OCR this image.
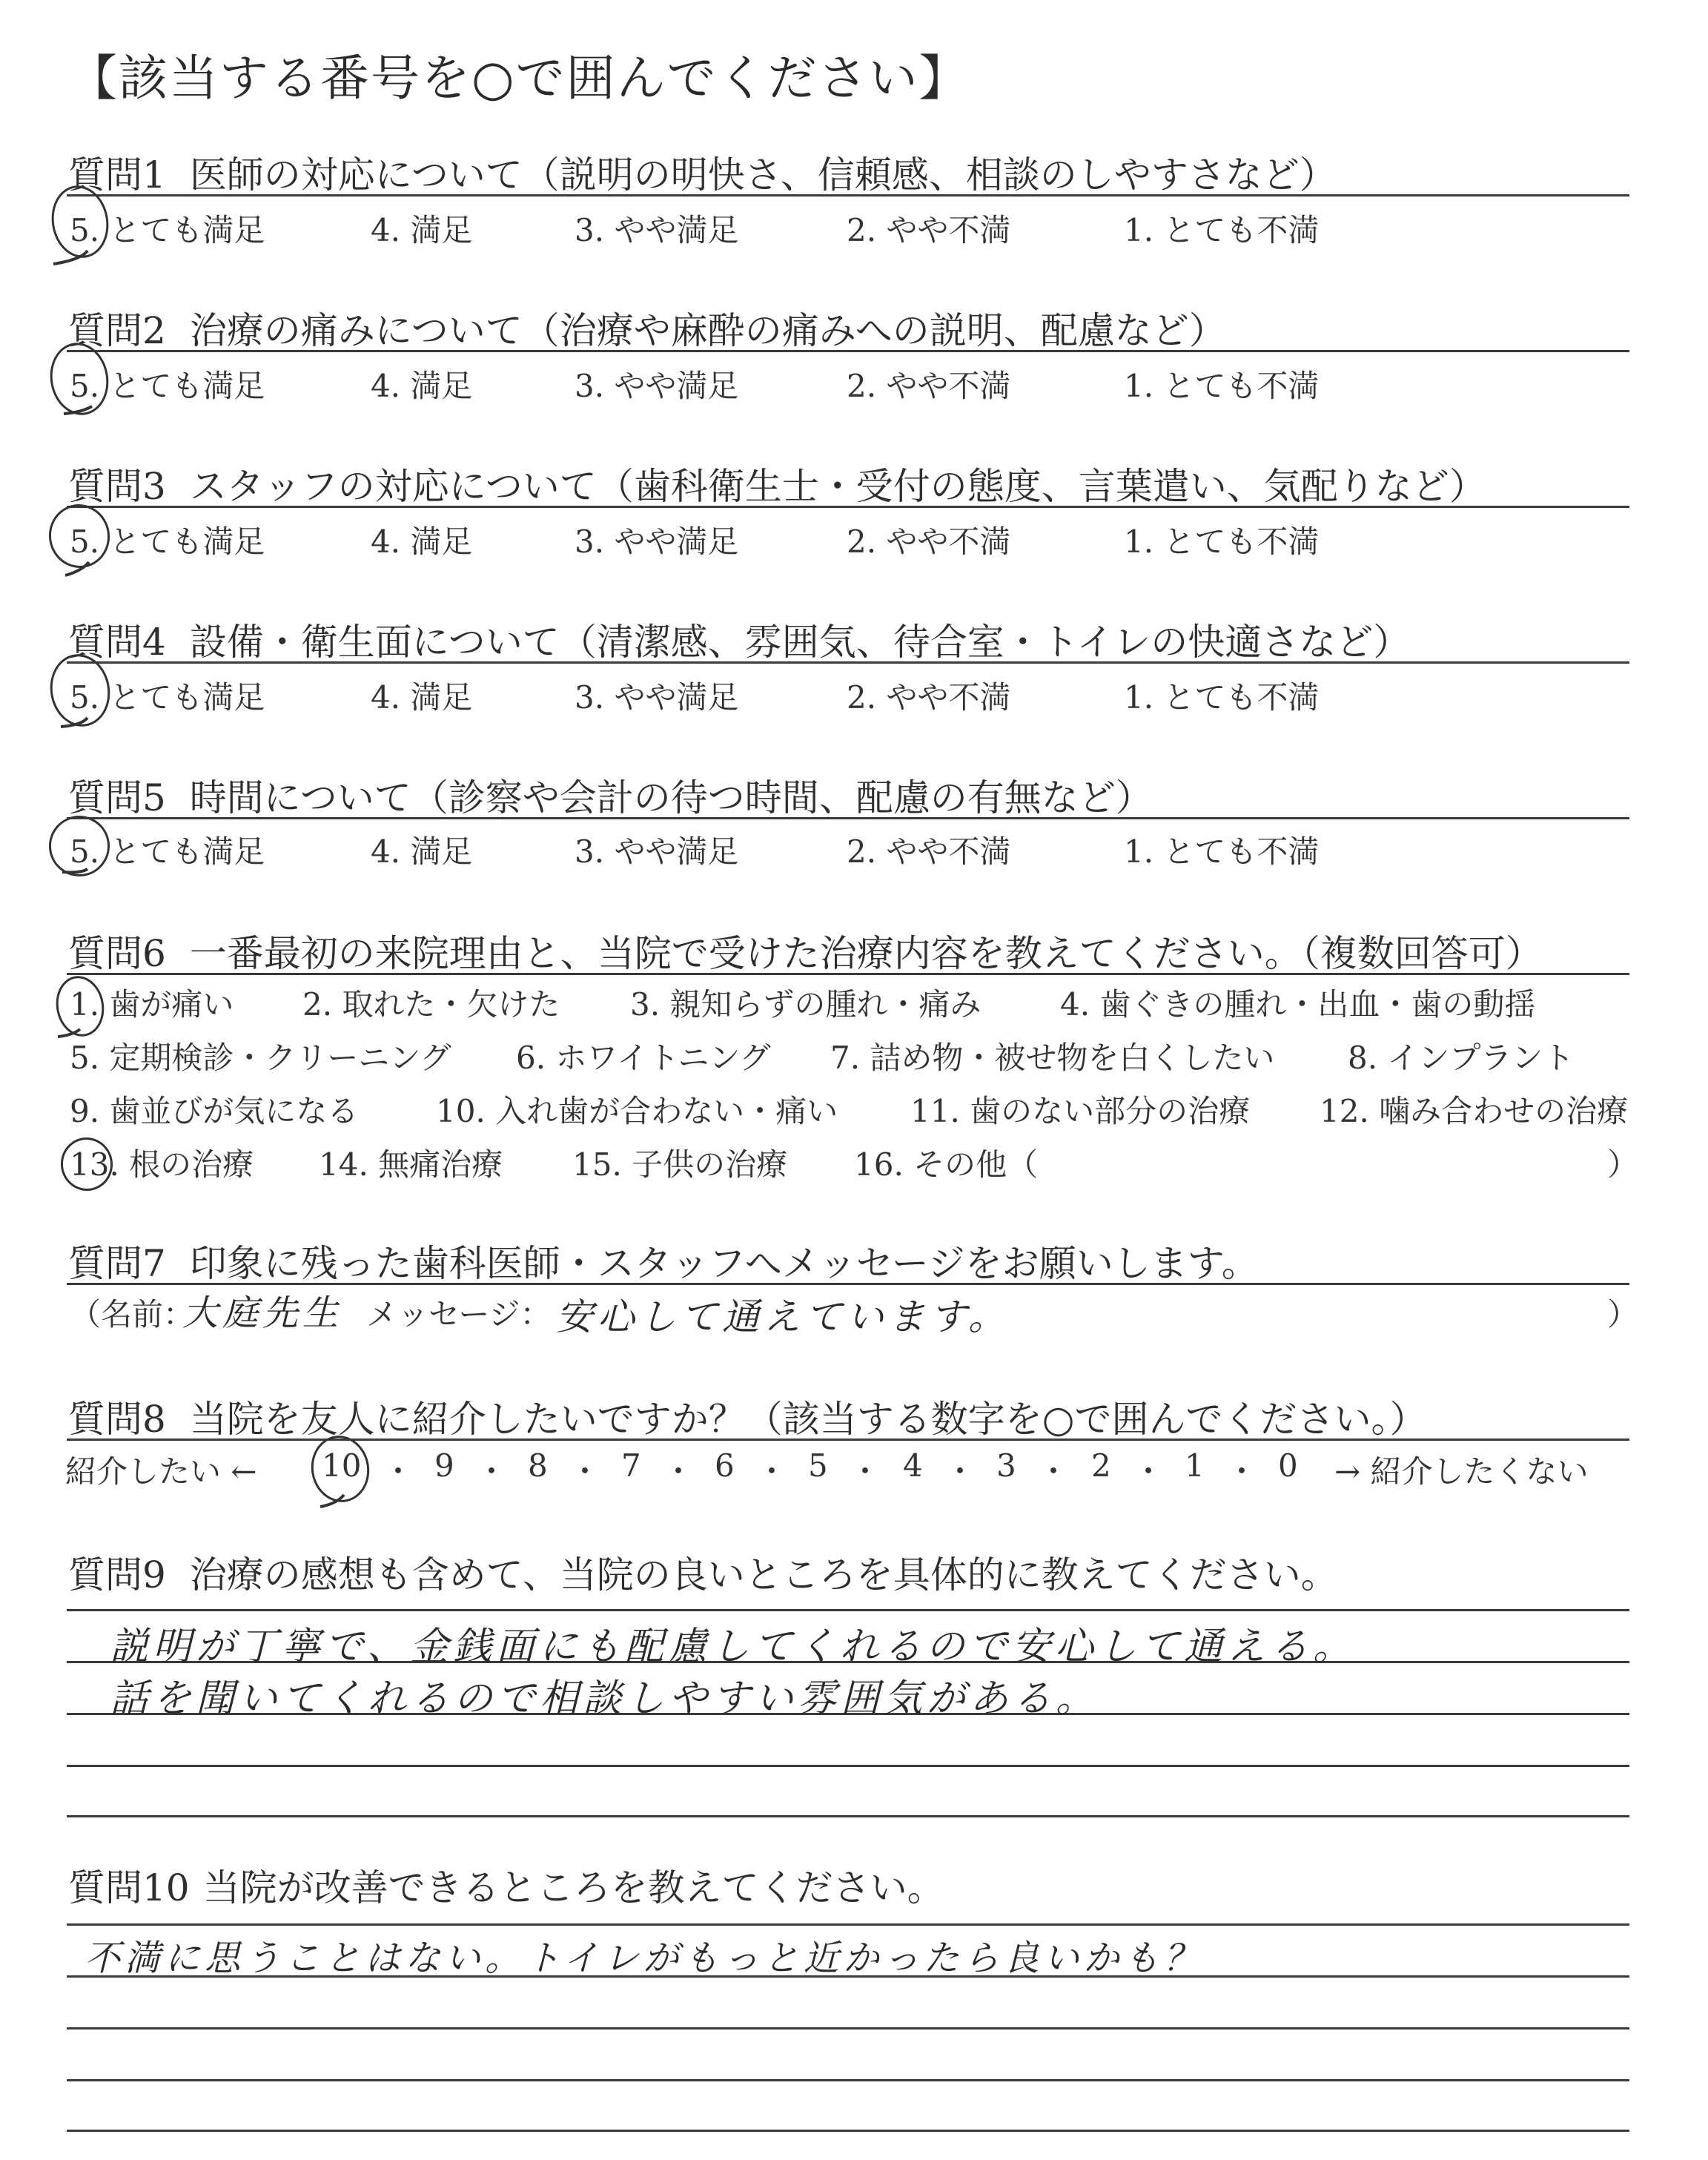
【該当する番号を○で囲んでください】
質問1 医師の対応について（説明の明快さ、信頼感、相談のしやすさなど）
5. とても満足	4. 満足	3. やや満足	2. やや不満	1. とても不満
質問2 治療の痛みについて（治療や麻酔の痛みへの説明、配慮など）
5. とても満足	4. 満足	3. やや満足	2. やや不満	1. とても不満
質問3 スタッフの対応について（歯科衛生士・受付の態度、言葉遣い、気配りなど）
5. とても満足	4. 満足	3. やや満足	2. やや不満	1. とても不満
質問4 設備・衛生面について（清潔感、雰囲気、待合室・トイレの快適さなど）
5. とても満足	4. 満足	3. やや満足	2. やや不満	1. とても不満
質問5 時間について（診察や会計の待つ時間、配慮の有無など）
5. とても満足	4. 満足	3. やや満足	2. やや不満	1. とても不満
質問6 一番最初の来院理由と、当院で受けた治療内容を教えてください。（複数回答可）
1. 歯が痛い 2. 取れた・欠けた 3. 親知らずの腫れ・痛み	4. 歯ぐきの腫れ・出血・歯の動揺
5. 定期検診・クリーニング 6. ホワイトニング 7. 詰め物・被せ物を白くしたい 8. インプラント
9. 歯並びが気になる 10. 入れ歯が合わない・痛い 11. 歯のない部分の治療 12. 噛み合わせの治療
13. 根の治療 14. 無痛治療 15. 子供の治療 16. その他（	）
質問7 印象に残った歯科医師・スタッフへメッセージをお願いします。
（名前：
大庭先生 メッセージ： 安心して通えています。	）
質問8 当院を友人に紹介したいですか？（該当する数字を○で囲んでください。）
紹介したい ← 10 ・ 9 ・ 8 ・ 7 ・ 6 ・ 5 ・ 4 ・ 3 ・ 2 ・ 1 ・ 0 → 紹介したくない
質問9 治療の感想も含めて、当院の良いところを具体的に教えてください。
説明が丁寧で、金銭面にも配慮してくれるので安心して通える。
話を聞いてくれるので相談しやすい雰囲気がある。
質問10 当院が改善できるところを教えてください。
不満に思うことはない。トイレがもっと近かったら良いかも？
